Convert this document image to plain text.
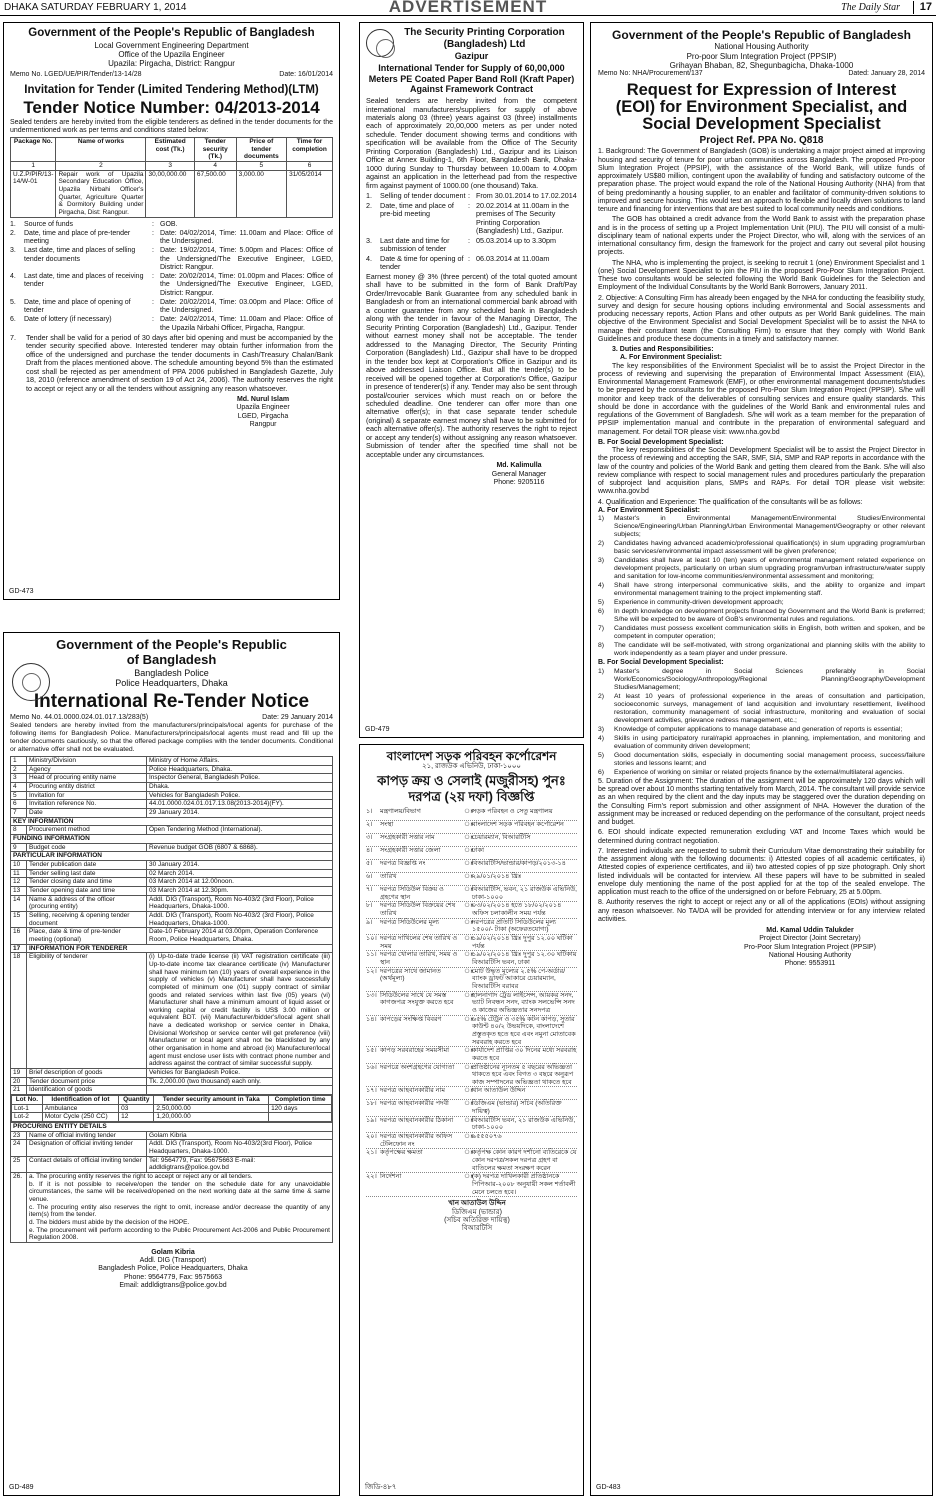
DHAKA SATURDAY FEBRUARY 1, 2014	ADVERTISEMENT	The Daily Star	17
Government of the People's Republic of Bangladesh
Local Government Engineering Department
Office of the Upazila Engineer
Upazila: Pirgacha, District: Rangpur
Memo No. LGED/UE/PIR/Tender/13-14/28	Date: 16/01/2014
Invitation for Tender (Limited Tendering Method)(LTM)
Tender Notice Number: 04/2013-2014

Sealed tenders are hereby invited from the eligible tenderers as defined in the tender documents for the undermentioned work as per terms and conditions stated below:

Package No.	Name of works	Estimated cost (Tk.)	Tender security (Tk.)	Price of tender documents	Time for completion
1	2	3	4	5	6
U.Z.P/PIR/13-14/W-01	Repair work of Upazila Secondary Education Office, Upazila Nirbahi Officer's Quarter, Agriculture Quarter & Dormitory Building under Pirgacha, Dist: Rangpur.	30,00,000.00	67,500.00	3,000.00	31/05/2014
1.	Source of funds	: GOB.
2.	Date, time and place of pre-tender meeting
: Date: 04/02/2014, Time: 11.00am and Place: Office of the Undersigned.
3.	Last date, time and places of selling tender documents
: Date: 19/02/2014, Time: 5.00pm and Places: Office of the Undersigned/The Executive Engineer, LGED, District: Rangpur.
4.	Last date, time and places of receiving tender
: Date: 20/02/2014, Time: 01.00pm and Places: Office of the Undersigned/The Executive Engineer, LGED, District: Rangpur.
5.	Date, time and place of opening of tender
: Date: 20/02/2014, Time: 03.00pm and Place: Office of the Undersigned.
6.	Date of lottery (if necessary)	: Date: 24/02/2014, Time: 11.00am and Place: Office of the Upazila Nirbahi Officer, Pirgacha, Rangpur.
7.	Tender shall be valid for a period of 30 days after bid opening and must be accompanied by the tender security specified above. Interested tenderer may obtain further information from the office of the undersigned and purchase the tender documents in Cash/Treasury Chalan/Bank Draft from the places mentioned above. The schedule amounting beyond 5% than the estimated cost shall be rejected as per amendment of PPA 2006 published in Bangladesh Gazette, July 18, 2010 (reference amendment of section 19 of Act 24, 2006). The authority reserves the right to accept or reject any or all the tenders without assigning any reason whatsoever.
Md. Nurul Islam
Upazila Engineer
LGED, Pirgacha
Rangpur
GD-473
Government of the People's Republic
of Bangladesh
Bangladesh Police
Police Headquarters, Dhaka
International Re-Tender Notice
Memo No. 44.01.0000.024.01.017.13/283(5)	Date: 29 January 2014

Sealed tenders are hereby invited from the manufacturers/principals/local agents for purchase of the following items for Bangladesh Police. Manufacturers/principals/local agents must read and fill up the tender documents cautiously, so that the offered package complies with the tender documents. Conditional or alternative offer shall not be evaluated.

1	Ministry/Division	Ministry of Home Affairs.
2	Agency	Police Headquarters, Dhaka.
3	Head of procuring entity name	Inspector General, Bangladesh Police.
4	Procuring entity district	Dhaka.
5	Invitation for	Vehicles for Bangladesh Police.
6	Invitation reference No.	44.01.0000.024.01.017.13.08(2013-2014)(FY).
7	Date	29 January 2014.
KEY INFORMATION
8	Procurement method	Open Tendering Method (International).
FUNDING INFORMATION
9	Budget code	Revenue budget GOB (6807 & 6868).
PARTICULAR INFORMATION
10	Tender publication date	30 January 2014.
11	Tender selling last date	02 March 2014.
12	Tender closing date and time	03 March 2014 at 12.00noon.
13	Tender opening date and time	03 March 2014 at 12.30pm.
14	Name & address of the officer (procuring entity)	Addl. DIG (Transport), Room No-403/2 (3rd Floor), Police Headquarters, Dhaka-1000.
15	Selling, receiving & opening tender document	Addl. DIG (Transport), Room No-403/2 (3rd Floor), Police Headquarters, Dhaka-1000.
16	Place, date & time of pre-tender meeting (optional)	Date-10 February 2014 at 03.00pm, Operation Conference Room, Police Headquarters, Dhaka.
17	INFORMATION FOR TENDERER
18	Eligibility of tenderer	(i) Up-to-date trade license (ii) VAT registration certificate (iii) Up-to-date income tax clearance certificate (iv) Manufacturer shall have minimum ten (10) years of overall experience in the supply of vehicles (v) Manufacturer shall have successfully completed of minimum one (01) supply contract of similar goods and related services within last five (05) years (vi) Manufacturer shall have a minimum amount of liquid asset or working capital or credit facility is US$ 3.00 million or equivalent BDT. (vii) Manufacturer/bidder's/local agent shall have a dedicated workshop or service center in Dhaka, Divisional Workshop or service center will get preference (viii) Manufacturer or local agent shall not be blacklisted by any other organisation in home and abroad (ix) Manufacturer/local agent must enclose user lists with contract phone number and address against the contract of similar successful supply.
19	Brief description of goods	Vehicles for Bangladesh Police.
20	Tender document price	Tk. 2,000.00 (two thousand) each only.
21	Identification of goods	

Lot No.	Identification of lot	Quantity	Tender security amount in Taka	Completion time
Lot-1	Ambulance	03	2,50,000.00	120 days
Lot-2	Motor Cycle (250 CC)	12	1,20,000.00	

PROCURING ENTITY DETAILS
23	Name of official inviting tender	Golam Kibria
24	Designation of official inviting tender	Addl. DIG (Transport), Room No-403/2(3rd Floor), Police Headquarters, Dhaka-1000.
25	Contact details of official inviting tender	Tel: 9564779, Fax: 95675663 E-mail: addldigtrans@police.gov.bd
26.	a. The procuring entity reserves the right to accept or reject any or all tenders.
b. If it is not possible to receive/open the tender on the schedule date for any unavoidable circumstances, the same will be received/opened on the next working date at the same time & same venue.
c. The procuring entity also reserves the right to omit, increase and/or decrease the quantity of any item(s) from the tender.
d. The bidders must abide by the decision of the HOPE.
e. The procurement will perform according to the Public Procurement Act-2006 and Public Procurement Regulation 2008.
Golam Kibria
Addl. DIG (Transport)
Bangladesh Police, Police Headquarters, Dhaka
Phone: 9564779, Fax: 9575663
Email: addldigtrans@police.gov.bd
GD-489
The Security Printing Corporation
(Bangladesh) Ltd
Gazipur
International Tender for Supply of 60,00,000 Meters PE Coated Paper Band Roll (Kraft Paper) Against Framework Contract

Sealed tenders are hereby invited from the competent international manufacturers/suppliers for supply of above materials along 03 (three) years against 03 (three) installments each of approximately 20,00,000 meters as per under noted schedule. Tender document showing terms and conditions with specification will be available from the Office of The Security Printing Corporation (Bangladesh) Ltd., Gazipur and its Liaison Office at Annex Building-1, 6th Floor, Bangladesh Bank, Dhaka-1000 during Sunday to Thursday between 10.00am to 4.00pm against an application in the letterhead pad from the respective firm against payment of 1000.00 (one thousand) Taka.

1.	Selling of tender document : From 30.01.2014 to 17.02.2014
2.	Date, time and place of pre-bid meeting
: 20.02.2014 at 11.00am in the premises of The Security Printing Corporation (Bangladesh) Ltd., Gazipur.
3.	Last date and time for submission of tender
: 05.03.2014 up to 3.30pm
4.	Date & time for opening of tender
: 06.03.2014 at 11.00am

Earnest money @ 3% (three percent) of the total quoted amount shall have to be submitted in the form of Bank Draft/Pay Order/Irrevocable Bank Guarantee from any scheduled bank in Bangladesh or from an international commercial bank abroad with a counter guarantee from any scheduled bank in Bangladesh along with the tender in favour of the Managing Director, The Security Printing Corporation (Bangladesh) Ltd., Gazipur. Tender without earnest money shall not be acceptable. The tender addressed to the Managing Director, The Security Printing Corporation (Bangladesh) Ltd., Gazipur shall have to be dropped in the tender box kept at Corporation's Office in Gazipur and its above addressed Liaison Office. But all the tender(s) to be received will be opened together at Corporation's Office, Gazipur in presence of tenderer(s) if any. Tender may also be sent through postal/courier services which must reach on or before the scheduled deadline. One tenderer can offer more than one alternative offer(s); in that case separate tender schedule (original) & separate earnest money shall have to be submitted for each alternative offer(s). The authority reserves the right to reject or accept any tender(s) without assigning any reason whatsoever. Submission of tender after the specified time shall not be acceptable under any circumstances.

Md. Kalimulla
General Manager
Phone: 9205116
GD-479
বাংলাদেশ সড়ক পরিবহন কর্পোরেশন
২১, রাজউক এভিনিউ, ঢাকা-১০০০
কাপড় ক্রয় ও সেলাই (মজুরীসহ) পুনঃ
দরপত্র (২য় দফা) বিজ্ঞপ্তি
১।	মন্ত্রণালয়/বিভাগ	ঃ
সড়ক পরিবহন ও সেতু মন্ত্রণালয়
২।	সংস্থা	ঃ
বাংলাদেশ সড়ক পরিবহন কর্পোরেশন
৩।	সংগ্রহকারী সত্তার নাম	ঃ
চেয়ারম্যান, বিআরটিসি
৪।	সংগ্রহকারী সত্তার জেলা	ঃ
ঢাকা
৫।	দরপত্র বিজ্ঞপ্তি নং	ঃ
বিআরটিসি/ভান্ডার/কাপড়/২০১৩-১৪
৬।	তারিখ	ঃ
২৯/০১/২০১৪ খ্রিঃ
৭।	দরপত্র সিডিউল বিক্রয় ও গ্রহণের স্থান
ঃ
বিআরটিসি, ভবন, ২১ রাজউক এভিনিউ, ঢাকা-১০০০
৮।	দরপত্র সিডিউল বিক্রয়ের শেষ তারিখ
ঃ
০৩/০২/২০১৪ হতে ১৮/০২/২০১৪ অফিস চলাকালীন সময় পর্যন্ত
৯।	দরপত্র সিডিউলের মূল্য	ঃ
দরপত্রের প্রতিটি সিডিউলের মূল্য ১৫০০/- টাকা (অফেরতযোগ্য)
১০। দরপত্র দাখিলের শেষ তারিখ ও সময়
ঃ
১৯/০২/২০১৪ খ্রিঃ দুপুর ১২.০০ ঘটিকা পর্যন্ত
১১। দরপত্র খোলার তারিখ, সময় ও স্থান
ঃ
১৯/০২/২০১৪ খ্রিঃ দুপুর ১২.৩০ ঘটিকায় বিআরটিসি ভবন, ঢাকা
১২। দরপত্রের সাথে জামানত (অর্থমূল্য)
ঃ
মোট উদ্ধৃত মূল্যের ২.৫% পে-অর্ডার/ব্যাংক ড্রাফট আকারে চেয়ারম্যান, বিআরটিসি বরাবর
১৩। সিডিউলের সাথে যে সমস্ত কাগজপত্র সংযুক্ত করতে হবে
ঃ
হালনাগাদ ট্রেড লাইসেন্স, আয়কর সনদ, ভ্যাট নিবন্ধন সনদ, ব্যাংক সলভেন্সি সনদ ও কাজের অভিজ্ঞতার সনদপত্র
১৪। কাপড়ের সংক্ষিপ্ত বিবরণ	ঃ
৬৫% টেট্রন ও ৩৫% কটন কাপড়, সুতার কাউন্ট ৪০/২ উভয়দিকে, বাংলাদেশে প্রস্তুতকৃত হতে হবে এবং নমুনা মোতাবেক সরবরাহ করতে হবে
১৫। কাপড় সরবরাহের সময়সীমা	ঃ
কার্যাদেশ প্রাপ্তির ৩০ দিনের মধ্যে সরবরাহ করতে হবে
১৬। দরপত্রে অংশগ্রহণের যোগ্যতা	ঃ
প্রতিষ্ঠানের ন্যূনতম ৫ বছরের অভিজ্ঞতা থাকতে হবে এবং বিগত ৩ বছরে অনুরূপ কাজ সম্পাদনের অভিজ্ঞতা থাকতে হবে
১৭। দরপত্র আহবানকারীর নাম	ঃ
খান আতাউল উদ্দিন
১৮। দরপত্র আহবানকারীর পদবী	ঃ
ডিজিএম (ভান্ডার) সচিব (অতিরিক্ত দায়িত্ব)
১৯। দরপত্র আহবানকারীর ঠিকানা	ঃ
বিআরটিসি ভবন, ২১ রাজউক এভিনিউ, ঢাকা-১০০০
২০। দরপত্র আহবানকারীর অফিস টেলিফোন নং
ঃ
৯৫৫৫০৭৬
২১। কর্তৃপক্ষের ক্ষমতা	ঃ
কর্তৃপক্ষ কোন কারণ দর্শানো ব্যতিরেকে যে কোন দরপত্র/সকল দরপত্র গ্রহণ বা বাতিলের ক্ষমতা সংরক্ষণ করেন
২২। নির্দেশনা	ঃ
(ক) দরপত্র দাখিলকারী প্রতিষ্ঠানকে পিপিআর-২০০৮ অনুযায়ী সকল শর্তাবলী মেনে চলতে হবে।
খান আতাউল উদ্দিন
ডিজিএম (ভান্ডার)
(সচিব অতিরিক্ত দায়িত্ব)
বিআরটিসি
জিডি-৪৮৭
Government of the People's Republic of Bangladesh
National Housing Authority
Pro-poor Slum Integration Project (PPSIP)
Grihayan Bhaban, 82, Shegunbagicha, Dhaka-1000
Memo No: NHA/Procurement/137	Dated: January 28, 2014
Request for Expression of Interest (EOI) for Environment Specialist, and Social Development Specialist
Project Ref. PPA No. Q818

1. Background: The Government of Bangladesh (GOB) is undertaking a major project aimed at improving housing and security of tenure for poor urban communities across Bangladesh. The proposed Pro-poor Slum Integration Project (PPSIP), with the assistance of the World Bank, will utilize funds of approximately US$80 million, contingent upon the availability of funding and satisfactory outcome of the preparation phase. The project would expand the role of the National Housing Authority (NHA) from that of being predominantly a housing supplier, to an enabler and facilitator of community-driven solutions to improved and secure housing. This would test an approach to flexible and locally driven solutions to land tenure and financing for interventions that are best suited to local community needs and conditions.

The GOB has obtained a credit advance from the World Bank to assist with the preparation phase and is in the process of setting up a Project Implementation Unit (PIU). The PIU will consist of a multi-disciplinary team of national experts under the Project Director, who will, along with the services of an international consultancy firm, design the framework for the project and carry out several pilot housing projects.

The NHA, who is implementing the project, is seeking to recruit 1 (one) Environment Specialist and 1 (one) Social Development Specialist to join the PIU in the proposed Pro-Poor Slum Integration Project. These two consultants would be selected following the World Bank Guidelines for the Selection and Employment of the Individual Consultants by the World Bank Borrowers, January 2011.

2. Objective: A Consulting Firm has already been engaged by the NHA for conducting the feasibility study, survey and design for secure housing options including environmental and Social assessments and producing necessary reports, Action Plans and other outputs as per World Bank guidelines. The main objective of the Environment Specialist and Social Development Specialist will be to assist the NHA to manage their consultant team (the Consulting Firm) to ensure that they comply with World Bank Guidelines and produce these documents in a timely and satisfactory manner.

3. Duties and Responsibilities:
A. For Environment Specialist:

The key responsibilities of the Environment Specialist will be to assist the Project Director in the process of reviewing and supervising the preparation of Environmental Impact Assessment (EIA), Environmental Management Framework (EMF), or other environmental management documents/studies to be prepared by the consultants for the proposed Pro-Poor Slum Integration Project (PPSIP). S/he will monitor and keep track of the deliverables of consulting services and ensure quality standards. This should be done in accordance with the guidelines of the World Bank and environmental rules and regulations of the Government of Bangladesh. S/he will work as a team member for the preparation of PPSIP implementation manual and contribute in the preparation of environmental safeguard and management. For detail TOR please visit: www.nha.gov.bd

B. For Social Development Specialist:

The key responsibilities of the Social Development Specialist will be to assist the Project Director in the process of reviewing and accepting the SAR, SMF, SIA, SMP and RAP reports in accordance with the law of the country and policies of the World Bank and getting them cleared from the Bank. S/he will also review compliance with respect to social management rules and procedures particularly the preparation of subproject land acquisition plans, SMPs and RAPs. For detail TOR please visit website: www.nha.gov.bd

4. Qualification and Experience: The qualification of the consultants will be as follows:
A. For Environment Specialist:
1)	Master's in Environmental Management/Environmental Studies/Environmental Science/Engineering/Urban Planning/Urban Environmental Management/Geography or other relevant subjects;
2)	Candidates having advanced academic/professional qualification(s) in slum upgrading program/urban basic services/environmental impact assessment will be given preference;
3)	Candidates shall have at least 10 (ten) years of environmental management related experience on development projects, particularly on urban slum upgrading program/urban infrastructure/water supply and sanitation for low-income communities/environmental assessment and monitoring;
4)	Shall have strong interpersonal communicative skills, and the ability to organize and impart environmental management training to the project implementing staff.
5)	Experience in community-driven development approach;
6)	In depth knowledge on development projects financed by Government and the World Bank is preferred; S/he will be expected to be aware of GoB's environmental rules and regulations.
7)	Candidates must possess excellent communication skills in English, both written and spoken, and be competent in computer operation;
8)	The candidate will be self-motivated, with strong organizational and planning skills with the ability to work independently as a team player and under pressure.
B. For Social Development Specialist:
1)	Master's degree in Social Sciences preferably in Social Work/Economics/Sociology/Anthropology/Regional Planning/Geography/Development Studies/Management;
2)	At least 10 years of professional experience in the areas of consultation and participation, socioeconomic surveys, management of land acquisition and involuntary resettlement, livelihood restoration, community management of social infrastructure, monitoring and evaluation of social development activities, grievance redress management, etc.;
3)	Knowledge of computer applications to manage database and generation of reports is essential;
4)	Skills in using participatory rural/rapid approaches in planning, implementation, and monitoring and evaluation of community driven development;
5)	Good documentation skills, especially in documenting social management process, success/failure stories and lessons learnt; and
6)	Experience of working on similar or related projects finance by the external/multilateral agencies.

5. Duration of the Assignment: The duration of the assignment will be approximately 120 days which will be spread over about 10 months starting tentatively from March, 2014. The consultant will provide service as an when required by the client and the day inputs may be staggered over the duration depending on the Consulting Firm's report submission and other assignment of NHA. However the duration of the assignment may be increased or reduced depending on the performance of the consultant, project needs and budget.

6. EOI should indicate expected remuneration excluding VAT and Income Taxes which would be determined during contract negotiation.

7. Interested individuals are requested to submit their Curriculum Vitae demonstrating their suitability for the assignment along with the following documents: i) Attested copies of all academic certificates, ii) Attested copies of experience certificates, and iii) two attested copies of pp size photograph. Only short listed individuals will be contacted for interview. All these papers will have to be submitted in sealed envelope duly mentioning the name of the post applied for at the top of the sealed envelope. The application must reach to the office of the undersigned on or before February, 25 at 5.00pm.

8. Authority reserves the right to accept or reject any or all of the applications (EOIs) without assigning any reason whatsoever. No TA/DA will be provided for attending interview or for any interview related activities.

Md. Kamal Uddin Talukder
Project Director (Joint Secretary)
Pro-Poor Slum Integration Project (PPSIP)
National Housing Authority
Phone: 9553911
GD-483
